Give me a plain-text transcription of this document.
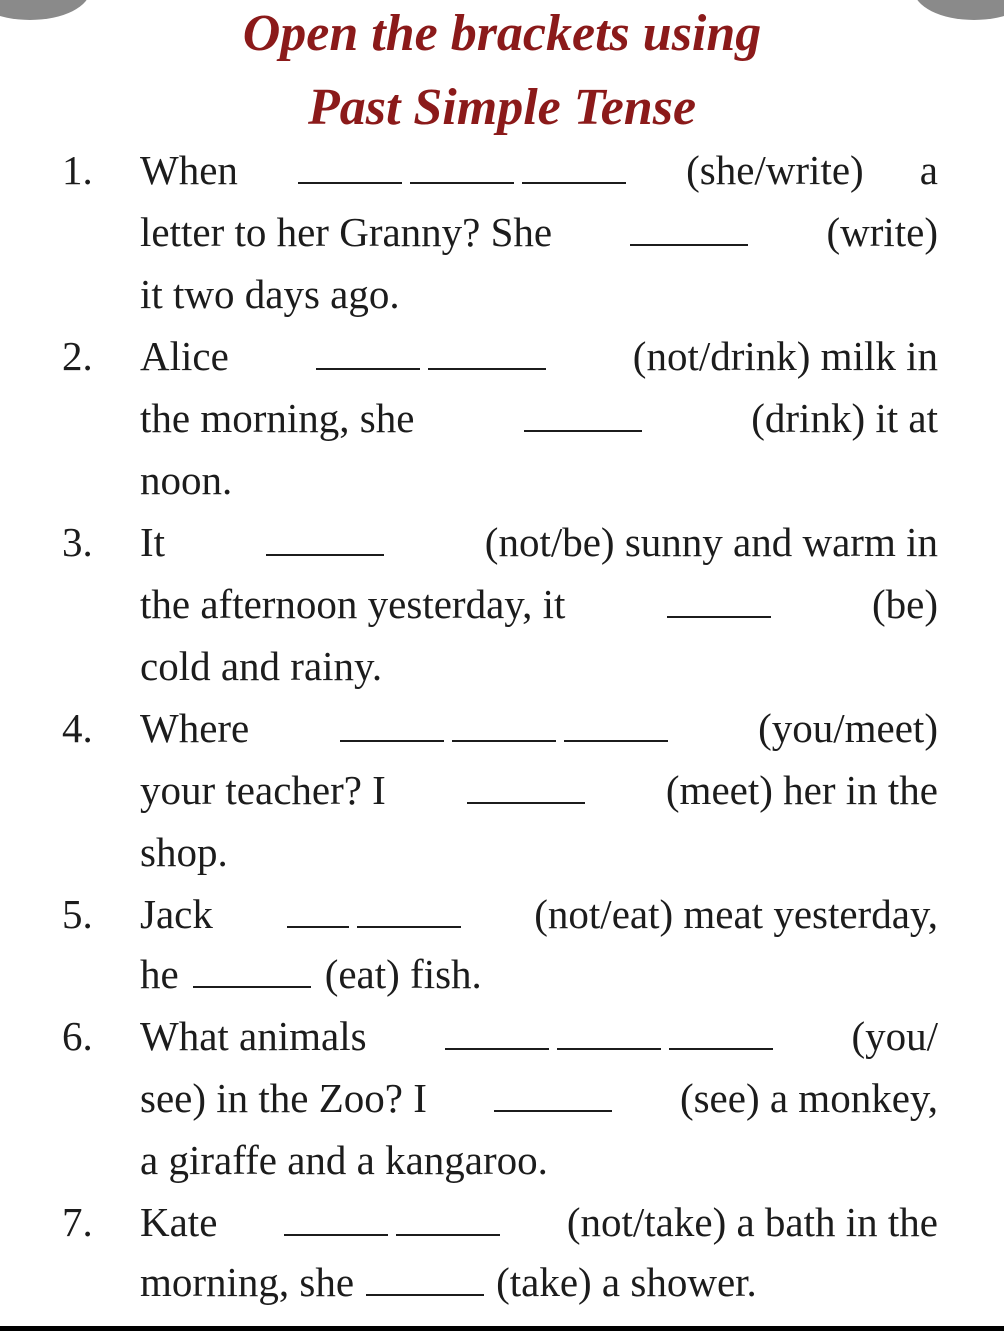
Open the brackets using
Past Simple Tense
1.	When	(she/write) a
letter to her Granny? She	(write)
it two days ago.
2.	Alice	(not/drink) milk in
the morning, she	(drink) it at
noon.
3.	It	(not/be) sunny and warm in
the afternoon yesterday, it	(be)
cold and rainy.
4.	Where	(you/meet)
your teacher? I	(meet) her in the
shop.
5.	Jack	(not/eat) meat yesterday,
he	(eat) fish.
6.	What animals	(you/
see) in the Zoo? I	(see) a monkey,
a giraffe and a kangaroo.
7.	Kate	(not/take) a bath in the
morning, she	(take) a shower.
